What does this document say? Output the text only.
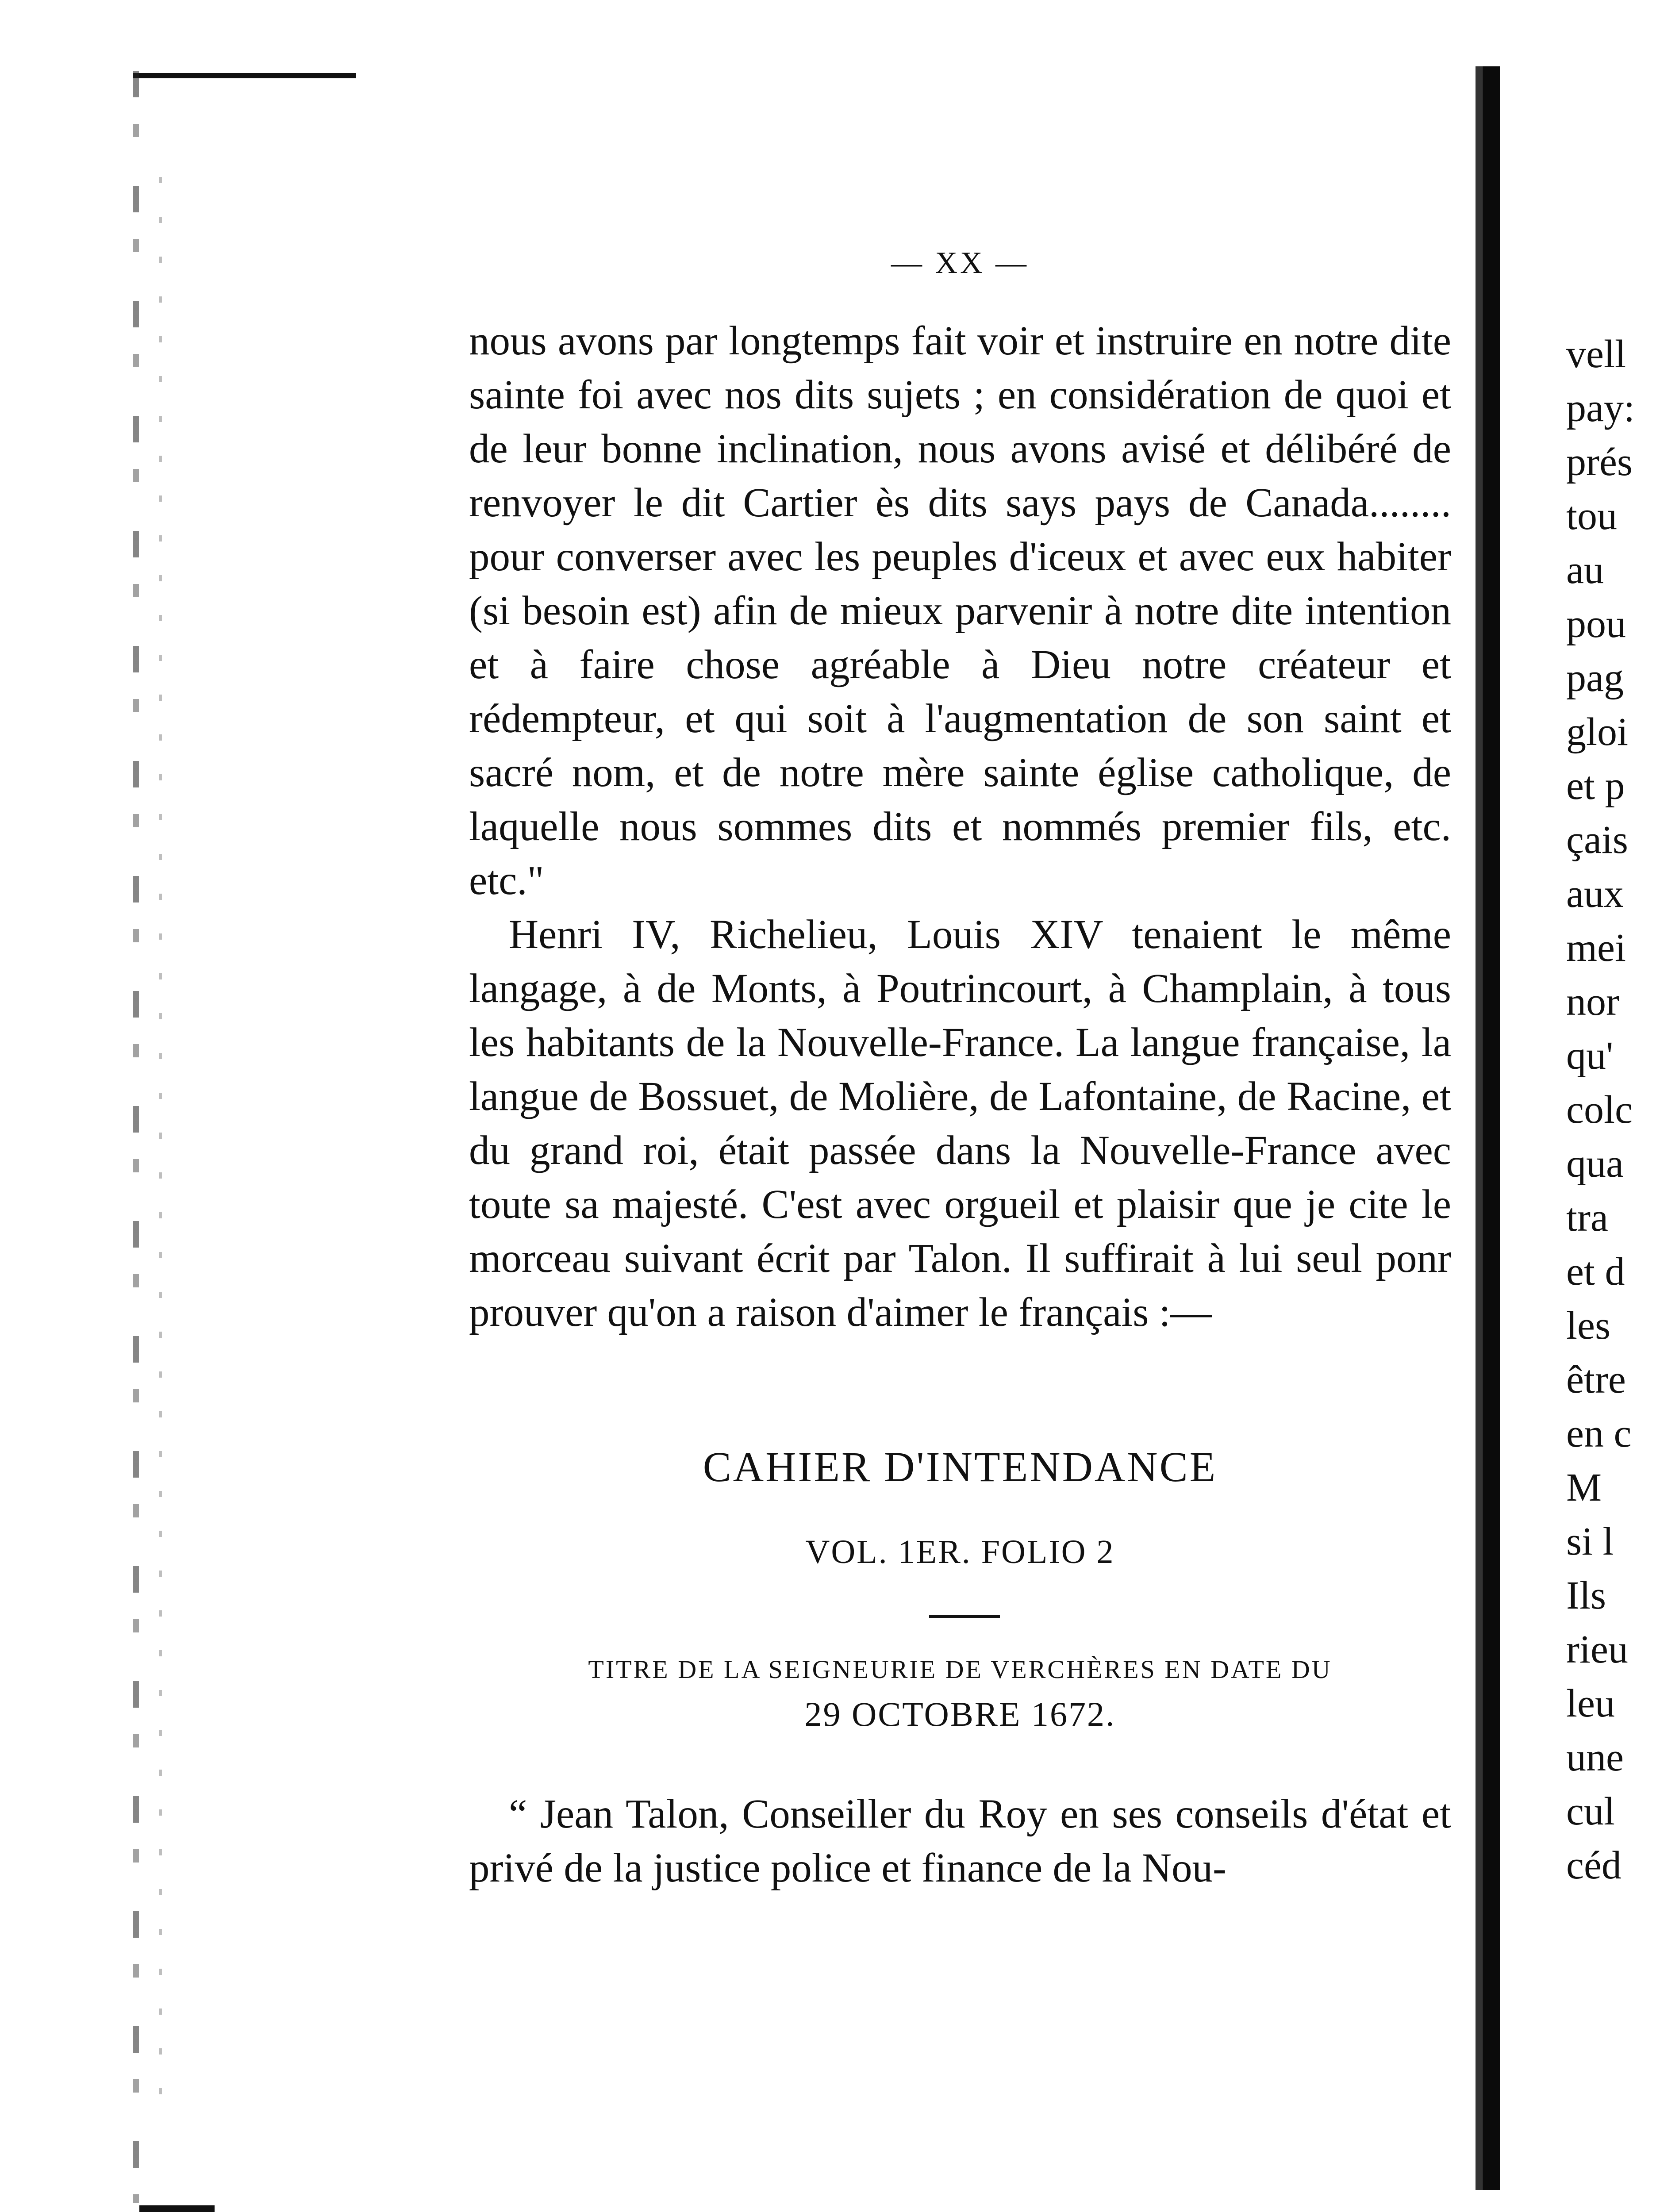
— XX —

nous avons par longtemps fait voir et instruire en notre dite sainte foi avec nos dits sujets ; en considération de quoi et de leur bonne inclination, nous avons avisé et délibéré de renvoyer le dit Cartier ès dits says pays de Canada........ pour converser avec les peuples d'iceux et avec eux habiter (si besoin est) afin de mieux parvenir à notre dite intention et à faire chose agréable à Dieu notre créateur et rédempteur, et qui soit à l'augmentation de son saint et sacré nom, et de notre mère sainte église catholique, de laquelle nous sommes dits et nommés premier fils, etc. etc."

Henri IV, Richelieu, Louis XIV tenaient le même langage, à de Monts, à Poutrincourt, à Champlain, à tous les habitants de la Nouvelle-France. La langue française, la langue de Bossuet, de Molière, de Lafontaine, de Racine, et du grand roi, était passée dans la Nouvelle-France avec toute sa majesté. C'est avec orgueil et plaisir que je cite le morceau suivant écrit par Talon. Il suffirait à lui seul ponr prouver qu'on a raison d'aimer le français :—

CAHIER D'INTENDANCE
VOL. 1ER. FOLIO 2
TITRE DE LA SEIGNEURIE DE VERCHÈRES EN DATE DU
29 OCTOBRE 1672.

“ Jean Talon, Conseiller du Roy en ses conseils d'état et privé de la justice police et finance de la Nou-

vell
pay:
prés
tou
au
pou
pag
gloi
et p
çais
aux
mei
nor
qu'
colc
qua
tra
et d
les
être
en c
M
si l
Ils
rieu
leu
une
cul
céd
